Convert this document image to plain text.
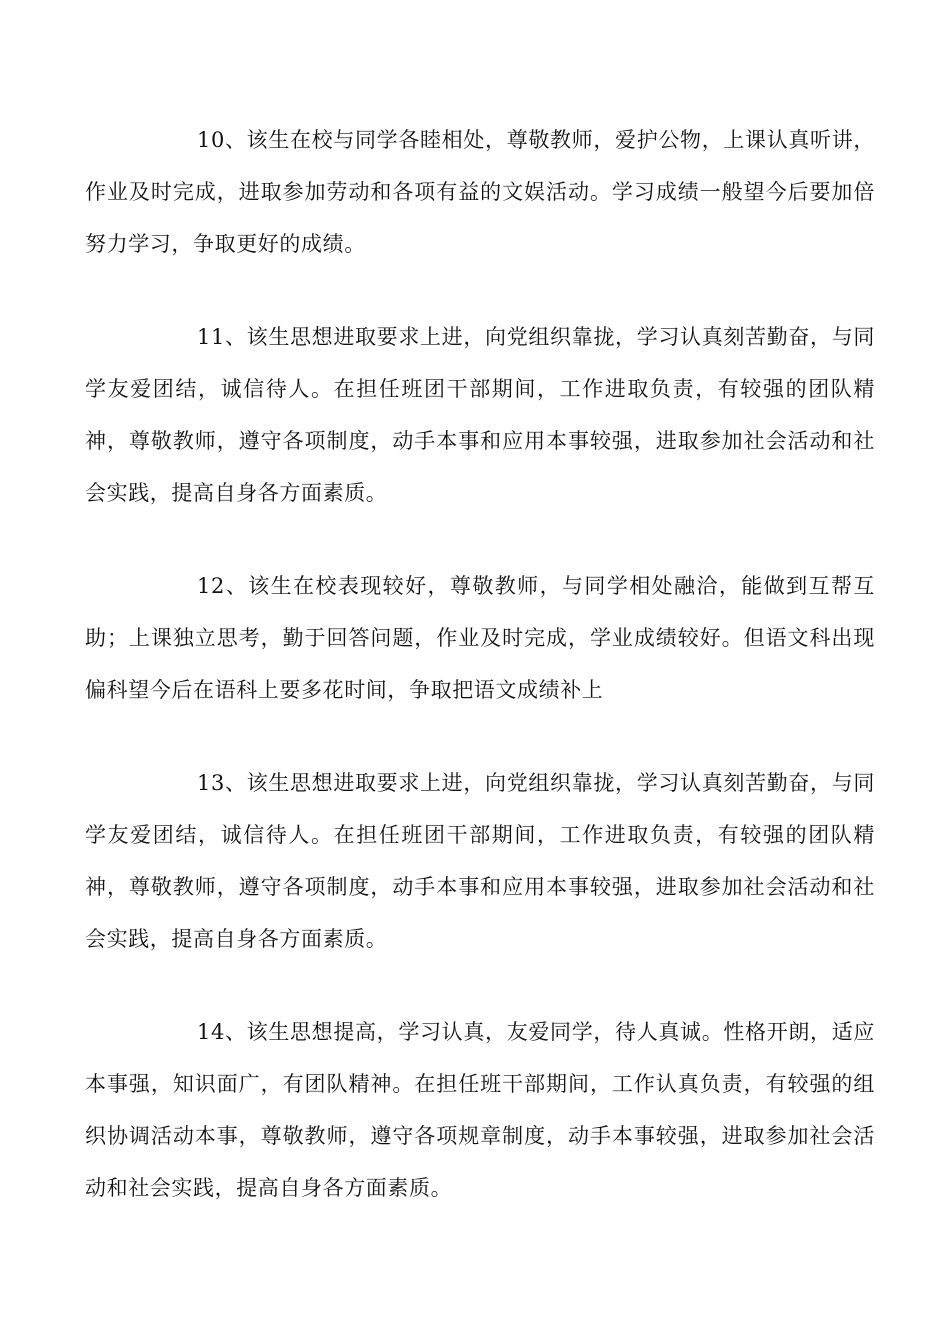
10、该生在校与同学各睦相处，尊敬教师，爱护公物，上课认真听讲，作业及时完成，进取参加劳动和各项有益的文娱活动。学习成绩一般望今后要加倍努力学习，争取更好的成绩。

11、该生思想进取要求上进，向党组织靠拢，学习认真刻苦勤奋，与同学友爱团结，诚信待人。在担任班团干部期间，工作进取负责，有较强的团队精神，尊敬教师，遵守各项制度，动手本事和应用本事较强，进取参加社会活动和社会实践，提高自身各方面素质。

12、该生在校表现较好，尊敬教师，与同学相处融洽，能做到互帮互助；上课独立思考，勤于回答问题，作业及时完成，学业成绩较好。但语文科出现偏科望今后在语科上要多花时间，争取把语文成绩补上

13、该生思想进取要求上进，向党组织靠拢，学习认真刻苦勤奋，与同学友爱团结，诚信待人。在担任班团干部期间，工作进取负责，有较强的团队精神，尊敬教师，遵守各项制度，动手本事和应用本事较强，进取参加社会活动和社会实践，提高自身各方面素质。

14、该生思想提高，学习认真，友爱同学，待人真诚。性格开朗，适应本事强，知识面广，有团队精神。在担任班干部期间，工作认真负责，有较强的组织协调活动本事，尊敬教师，遵守各项规章制度，动手本事较强，进取参加社会活动和社会实践，提高自身各方面素质。
